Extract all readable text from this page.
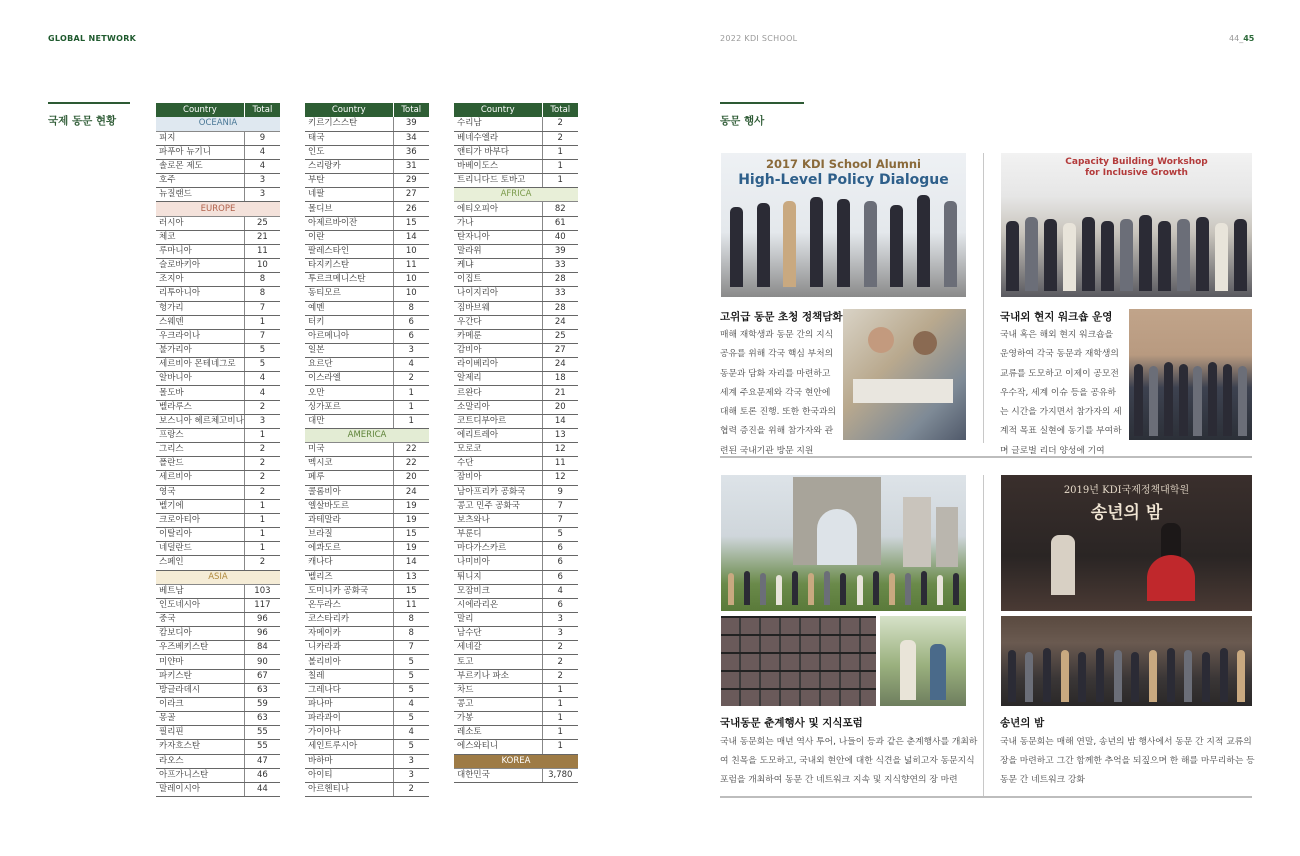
GLOBAL NETWORK	2022 KDI SCHOOL	44_45
국제 동문 현황
Country	Total
OCEANIA	
피지	9
파푸아 뉴기니	4
솔로몬 제도	4
호주	3
뉴질랜드	3
EUROPE	
러시아	25
체코	21
루마니아	11
슬로바키아	10
조지아	8
리투아니아	8
헝가리	7
스웨덴	1
우크라이나	7
불가리아	5
세르비아 몬테네그로	5
알바니아	4
몰도바	4
벨라루스	2
보스니아 헤르체고비나	3
프랑스	1
그리스	2
폴란드	2
세르비아	2
영국	2
벨기에	1
크로아티아	1
이탈리아	1
네덜란드	1
스페인	2
ASIA	
베트남	103
인도네시아	117
중국	96
캄보디아	96
우즈베키스탄	84
미얀마	90
파키스탄	67
방글라데시	63
이라크	59
몽골	63
필리핀	55
카자흐스탄	55
라오스	47
아프가니스탄	46
말레이시아	44
Country	Total
키르기스스탄	39
태국	34
인도	36
스리랑카	31
부탄	29
네팔	27
몰디브	26
아제르바이잔	15
이란	14
팔레스타인	10
타지키스탄	11
투르크메니스탄	10
동티모르	10
예멘	8
터키	6
아르메니아	6
일본	3
요르단	4
이스라엘	2
오만	1
싱가포르	1
대만	1
AMERICA	
미국	22
멕시코	22
페루	20
콜롬비아	24
엘살바도르	19
과테말라	19
브라질	15
에콰도르	19
캐나다	14
벨리즈	13
도미니카 공화국	15
온두라스	11
코스타리카	8
자메이카	8
니카라과	7
볼리비아	5
칠레	5
그레나다	5
파나마	4
파라과이	5
가이아나	4
세인트루시아	5
바하마	3
아이티	3
아르헨티나	2
Country	Total
수리남	2
베네수엘라	2
앤티가 바부다	1
바베이도스	1
트리니다드 토바고	1
AFRICA	
에티오피아	82
가나	61
탄자니아	40
말라위	39
케냐	33
이집트	28
나이지리아	33
짐바브웨	28
우간다	24
카메룬	25
감비아	27
라이베리아	24
알제리	18
르완다	21
소말리아	20
코트디부아르	14
에리트레아	13
모로코	12
수단	11
잠비아	12
남아프리카 공화국	9
콩고 민주 공화국	7
보츠와나	7
부룬디	5
마다가스카르	6
나미비아	6
튀니지	6
모잠비크	4
시에라리온	6
말리	3
남수단	3
세네갈	2
토고	2
부르키나 파소	2
차드	1
콩고	1
가봉	1
레소토	1
에스와티니	1
KOREA	
대한민국	3,780
동문 행사
2017 KDI School Alumni
High-Level Policy Dialogue
Capacity Building Workshop
for Inclusive Growth
고위급 동문 초청 정책담화
매해 재학생과 동문 간의 지식
공유를 위해 각국 핵심 부처의
동문과 담화 자리를 마련하고
세계 주요문제와 각국 현안에
대해 토론 진행. 또한 한국과의
협력 증진을 위해 참가자와 관
련된 국내기관 방문 지원
국내외 현지 워크숍 운영
국내 혹은 해외 현지 워크숍을
운영하여 각국 동문과 재학생의
교류를 도모하고 이제이 공모전
우수작, 세계 이슈 등을 공유하
는 시간을 가지면서 참가자의 세
계적 목표 실현에 동기를 부여하
며 글로벌 리더 양성에 기여
2019년 KDI국제정책대학원
송년의 밤
국내동문 춘계행사 및 지식포럼
국내 동문회는 매년 역사 투어, 나들이 등과 같은 춘계행사를 개최하
여 친목을 도모하고, 국내외 현안에 대한 식견을 넓히고자 동문지식
포럼을 개최하여 동문 간 네트워크 지속 및 지식향연의 장 마련
송년의 밤
국내 동문회는 매해 연말, 송년의 밤 행사에서 동문 간 지적 교류의
장을 마련하고 그간 함께한 추억을 되짚으며 한 해를 마무리하는 등
동문 간 네트워크 강화
